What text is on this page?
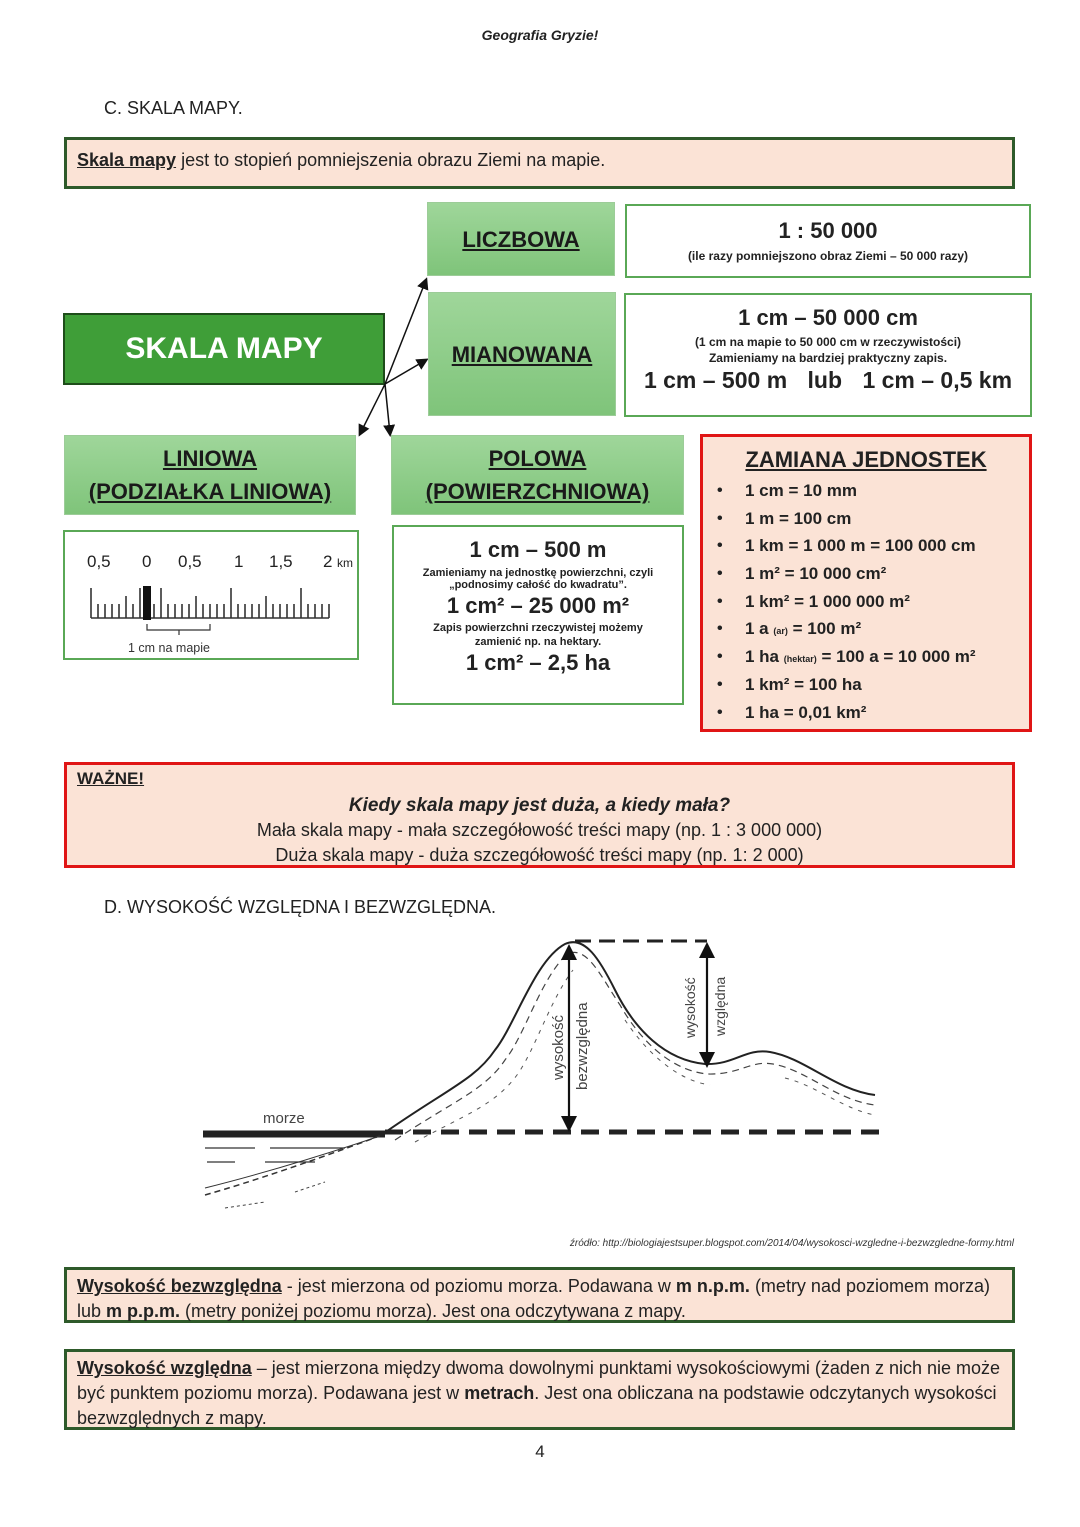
Geografia Gryzie!
C. SKALA MAPY.
Skala mapy jest to stopień pomniejszenia obrazu Ziemi na mapie.
SKALA MAPY
LICZBOWA	1 : 50 000
(ile razy pomniejszono obraz Ziemi – 50 000 razy)
MIANOWANA
1 cm – 50 000 cm
(1 cm na mapie to 50 000 cm w rzeczywistości)
Zamieniamy na bardziej praktyczny zapis.
1 cm – 500 m lub 1 cm – 0,5 km
LINIOWA
(PODZIAŁKA LINIOWA)
0,5 0 0,5 1 1,5 2 km
1 cm na mapie
POLOWA
(POWIERZCHNIOWA)
1 cm – 500 m
Zamieniamy na jednostkę powierzchni, czyli
„podnosimy całość do kwadratu”.
1 cm² – 25 000 m²
Zapis powierzchni rzeczywistej możemy
zamienić np. na hektary.
1 cm² – 2,5 ha
ZAMIANA JEDNOSTEK
• 1 cm = 10 mm
• 1 m = 100 cm
• 1 km = 1 000 m = 100 000 cm
• 1 m² = 10 000 cm²
• 1 km² = 1 000 000 m²
• 1 a (ar) = 100 m²
• 1 ha (hektar) = 100 a = 10 000 m²
• 1 km² = 100 ha
• 1 ha = 0,01 km²
WAŻNE!
Kiedy skala mapy jest duża, a kiedy mała?
Mała skala mapy - mała szczegółowość treści mapy (np. 1 : 3 000 000)
Duża skala mapy - duża szczegółowość treści mapy (np. 1: 2 000)
D. WYSOKOŚĆ WZGLĘDNA I BEZWZGLĘDNA.
morze
wysokość bezwzględna	wysokość względna
źródło: http://biologiajestsuper.blogspot.com/2014/04/wysokosci-wzgledne-i-bezwzgledne-formy.html
Wysokość bezwzględna - jest mierzona od poziomu morza. Podawana w m n.p.m. (metry nad poziomem morza) lub m p.p.m. (metry poniżej poziomu morza). Jest ona odczytywana z mapy.
Wysokość względna – jest mierzona między dwoma dowolnymi punktami wysokościowymi (żaden z nich nie może być punktem poziomu morza). Podawana jest w metrach. Jest ona obliczana na podstawie odczytanych wysokości bezwzględnych z mapy.
4
